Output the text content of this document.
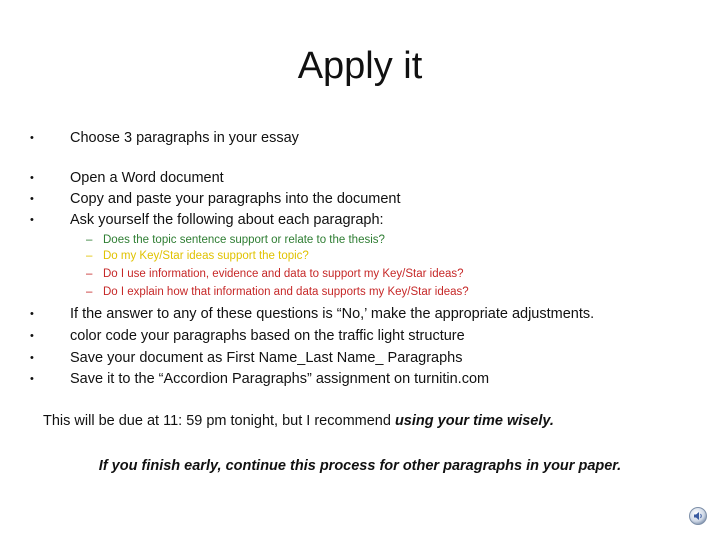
Apply it
• Choose 3 paragraphs in your essay
• Open a Word document
• Copy and paste your paragraphs into the document
• Ask yourself the following about each paragraph:
– Does the topic sentence support or relate to the thesis?
– Do my Key/Star ideas support the topic?
– Do I use information, evidence and data to support my Key/Star ideas?
– Do I explain how that information and data supports my Key/Star ideas?
• If the answer to any of these questions is “No,’ make the appropriate adjustments.
• color code your paragraphs based on the traffic light structure
• Save your document as First Name_Last Name_ Paragraphs
• Save it to the “Accordion Paragraphs” assignment on turnitin.com
This will be due at 11: 59 pm tonight, but I recommend using your time wisely.
If you finish early, continue this process for other paragraphs in your paper.
